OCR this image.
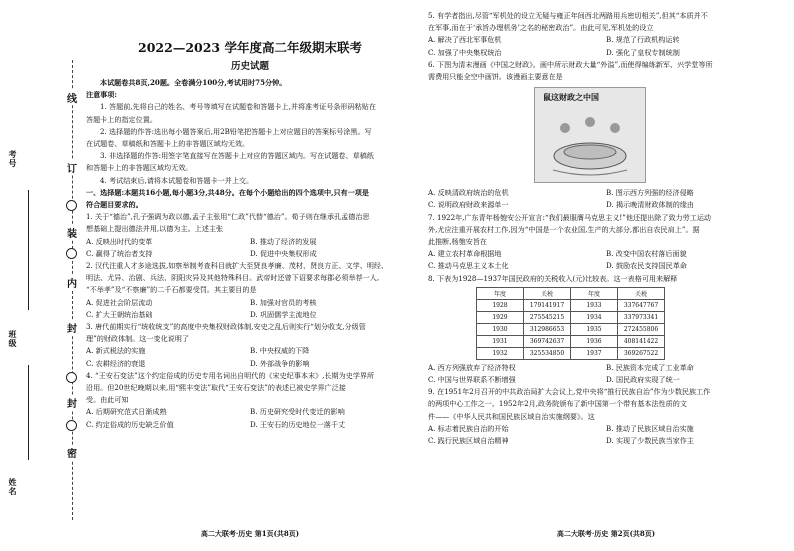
考号
班级
姓名
线
订
装
内
封
封
密
2022—2023 学年度高二年级期末联考
历史试题

本试题卷共8页,20题。全卷满分100分,考试用时75分钟。

注意事项:

1. 答题前,先将自己的姓名、考号等填写在试题卷和答题卡上,并将准考证号条形码粘贴在

答题卡上的指定位置。

2. 选择题的作答:选出每小题答案后,用2B铅笔把答题卡上对应题目的答案标号涂黑。写

在试题卷、草稿纸和答题卡上的非答题区域均无效。

3. 非选择题的作答:用签字笔直接写在答题卡上对应的答题区域内。写在试题卷、草稿纸

和答题卡上的非答题区域均无效。

4. 考试结束后,请将本试题卷和答题卡一并上交。

一、选择题:本题共16小题,每小题3分,共48分。在每个小题给出的四个选项中,只有一项是

符合题目要求的。

1. 关于“德治”,孔子强调为政以德,孟子主张用“仁政”代替“德治”。荀子则在继承孔孟德治思

想基础上提出德法并用,以德为主。上述主张

A. 反映出时代的变革	B. 推动了经济的发展
C. 赢得了统治者支持	D. 促进中央集权形成

2. 汉代注重人才多途选拔,如察举制考查科目就扩大至贤良孝廉、茂材、贤良方正、文学、明经、

明法、尤异、治剧、兵法、阴阳灾异及其他特殊科目。武帝时还曾下诏要求每郡必须举荐一人,

“不举孝”及“不察廉”的二千石都要受罚。其主要目的是

A. 促进社会阶层流动	B. 加强对官员的考核
C. 扩大王朝统治基础	D. 巩固儒学主流地位

3. 唐代前期实行“统收统支”的高度中央集权财政体制,安史之乱后则实行“划分收支,分级管

理”的财政体制。这一变化说明了

A. 新式税法的实施	B. 中央权威的下降
C. 农耕经济的衰退	D. 外部战争的影响

4. “王安石变法”这个约定俗成的历史专用名词出自明代的《宋史纪事本末》,长期为史学界所

沿用。但20世纪晚期以来,用“熙丰变法”取代“王安石变法”的表述已被史学界广泛接

受。由此可知

A. 后期研究范式日渐成熟	B. 历史研究受时代变迁的影响
C. 约定俗成的历史缺乏价值	D. 王安石的历史地位一落千丈
高二大联考·历史 第1页(共8页)

5. 有学者指出,尽管“军机处的设立无疑与雍正年间西北两路用兵密切相关”,但其“本质并不

在军事,而在于‘承旨办理机务’之名的秘密政治”。由此可见,军机处的设立

A. 解决了西北军事危机	B. 规范了行政机构运转
C. 加强了中央集权统治	D. 强化了皇权专制统制

6. 下图为清末漫画《中国之财政》。画中所示财政大量“外溢”,而使得编练新军、兴学堂等所

需费用只能全空中画饼。该漫画主要意在是

鼠这财政之中国
A. 反映清政府统治的危机	B. 图示西方列强的经济侵略
C. 说明政府财政来源单一	D. 揭示晚清财政体制的缘由

7. 1922年,广东青年杨匏安公开宣言:“我们最服膺马克思主义!”他还提出除了致力劳工运动

外,尤应注重开展农村工作,因为“中国是一个农业国,生产的大部分,都出自农民肩上”。据

此推断,杨匏安旨在

A. 建立农村革命根据地	B. 改变中国农村落后面貌
C. 推动马克思主义本土化	D. 鼓励农民支持国民革命

8. 下表为1928—1937年国民政府的关税收入(元)比较表。这一表格可用来解释

年度	关税	年度	关税
1928	179141917	1933	337647767
1929	275545215	1934	337973341
1930	312986653	1935	272455806
1931	369742637	1936	408141422
1932	325534850	1937	369267522
A. 西方列强放弃了经济特权	B. 民族资本完成了工业革命
C. 中国与世界联系不断增强	D. 国民政府实现了统一

9. 在1951年2月召开的中共政治局扩大会议上,党中央将“推行民族自治”作为少数民族工作

的两项中心工作之一。1952年2月,政务院颁布了新中国第一个带有基本法性质的文

件——《中华人民共和国民族区域自治实施纲要》。这

A. 标志着民族自治的开始	B. 推动了民族区域自治实施
C. 践行民族区域自治精神	D. 实现了少数民族当家作主
高二大联考·历史 第2页(共8页)
